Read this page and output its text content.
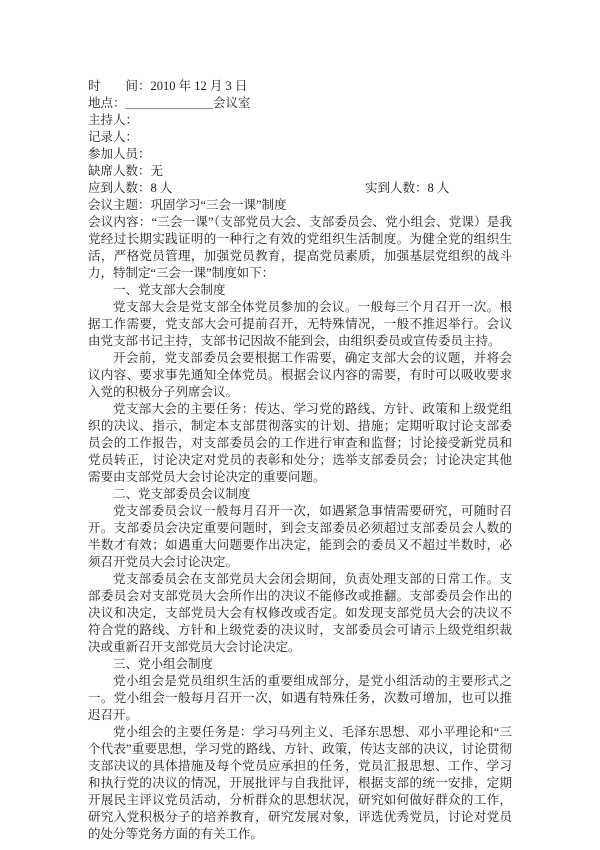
时　　间：2010 年 12 月 3 日
地点：＿＿＿＿＿＿＿会议室
主持人：
记录人：
参加人员：
缺席人数：无
应到人数：8 人	实到人数：8 人
会议主题：巩固学习“三会一课”制度
会议内容：“三会一课”（支部党员大会、支部委员会、党小组会、党课）是我党经过长期实践证明的一种行之有效的党组织生活制度。为健全党的组织生活，严格党员管理，加强党员教育，提高党员素质，加强基层党组织的战斗力，特制定“三会一课”制度如下：
一、党支部大会制度
党支部大会是党支部全体党员参加的会议。一般每三个月召开一次。根据工作需要，党支部大会可提前召开，无特殊情况，一般不推迟举行。会议由党支部书记主持，支部书记因故不能到会，由组织委员或宣传委员主持。
开会前，党支部委员会要根据工作需要，确定支部大会的议题，并将会议内容、要求事先通知全体党员。根据会议内容的需要，有时可以吸收要求入党的积极分子列席会议。
党支部大会的主要任务：传达、学习党的路线、方针、政策和上级党组织的决议、指示，制定本支部贯彻落实的计划、措施；定期听取讨论支部委员会的工作报告，对支部委员会的工作进行审查和监督；讨论接受新党员和党员转正，讨论决定对党员的表彰和处分；选举支部委员会；讨论决定其他需要由支部党员大会讨论决定的重要问题。
二、党支部委员会议制度
党支部委员会议一般每月召开一次，如遇紧急事情需要研究，可随时召开。支部委员会决定重要问题时，到会支部委员必须超过支部委员会人数的半数才有效；如遇重大问题要作出决定，能到会的委员又不超过半数时，必须召开党员大会讨论决定。
党支部委员会在支部党员大会闭会期间，负责处理支部的日常工作。支部委员会对支部党员大会所作出的决议不能修改或推翻。支部委员会作出的决议和决定，支部党员大会有权修改或否定。如发现支部党员大会的决议不符合党的路线、方针和上级党委的决议时，支部委员会可请示上级党组织裁决或重新召开支部党员大会讨论决定。
三、党小组会制度
党小组会是党员组织生活的重要组成部分，是党小组活动的主要形式之一。党小组会一般每月召开一次，如遇有特殊任务，次数可增加，也可以推迟召开。
党小组会的主要任务是：学习马列主义、毛泽东思想、邓小平理论和“三个代表”重要思想，学习党的路线、方针、政策，传达支部的决议，讨论贯彻支部决议的具体措施及每个党员应承担的任务，党员汇报思想、工作、学习和执行党的决议的情况，开展批评与自我批评，根据支部的统一安排，定期开展民主评议党员活动，分析群众的思想状况，研究如何做好群众的工作，研究入党积极分子的培养教育，研究发展对象，评选优秀党员，讨论对党员的处分等党务方面的有关工作。
